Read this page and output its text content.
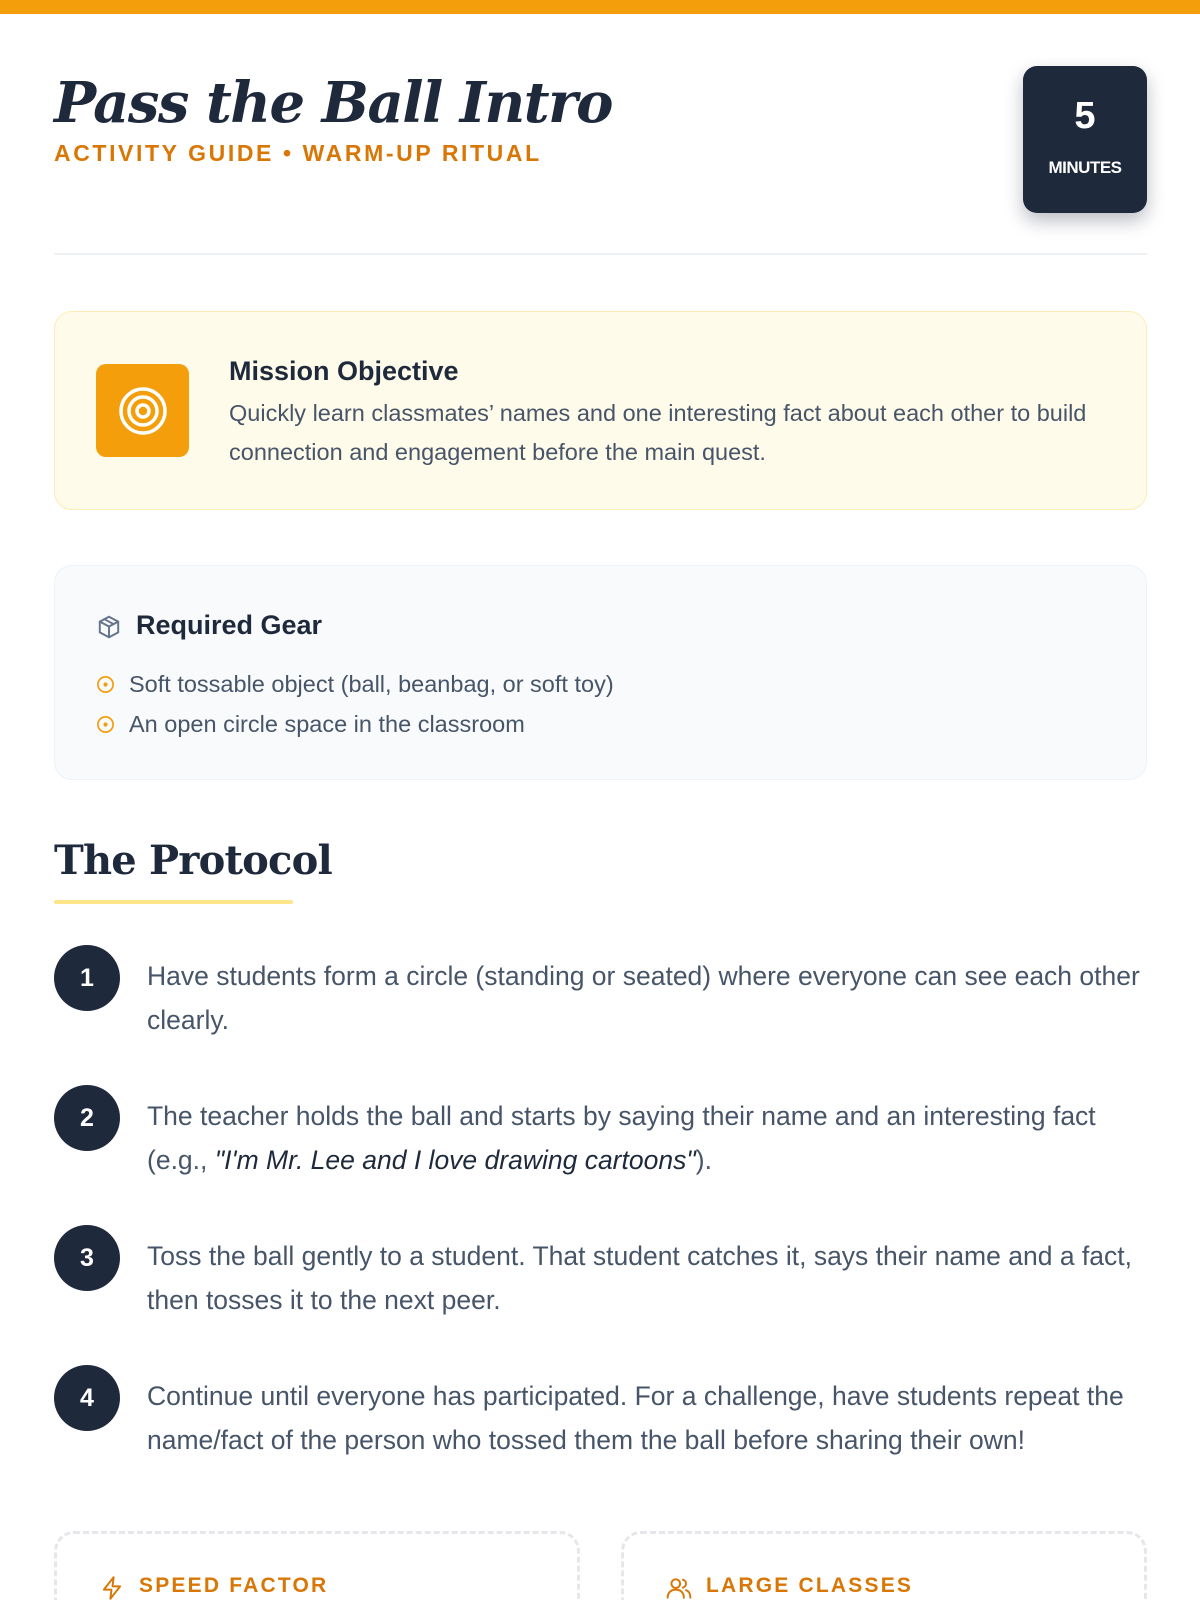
Pass the Ball Intro
ACTIVITY GUIDE • WARM-UP RITUAL
5
MINUTES
Mission Objective

Quickly learn classmates’ names and one interesting fact about each other to build connection and engagement before the main quest.

Required Gear
Soft tossable object (ball, beanbag, or soft toy)
An open circle space in the classroom
The Protocol
1	Have students form a circle (standing or seated) where everyone can see each other clearly.

2	The teacher holds the ball and starts by saying their name and an interesting fact (e.g., "I'm Mr. Lee and I love drawing cartoons").

3	Toss the ball gently to a student. That student catches it, says their name and a fact, then tosses it to the next peer.

4	Continue until everyone has participated. For a challenge, have students repeat the name/fact of the person who tossed them the ball before sharing their own!

SPEED FACTOR	LARGE CLASSES
